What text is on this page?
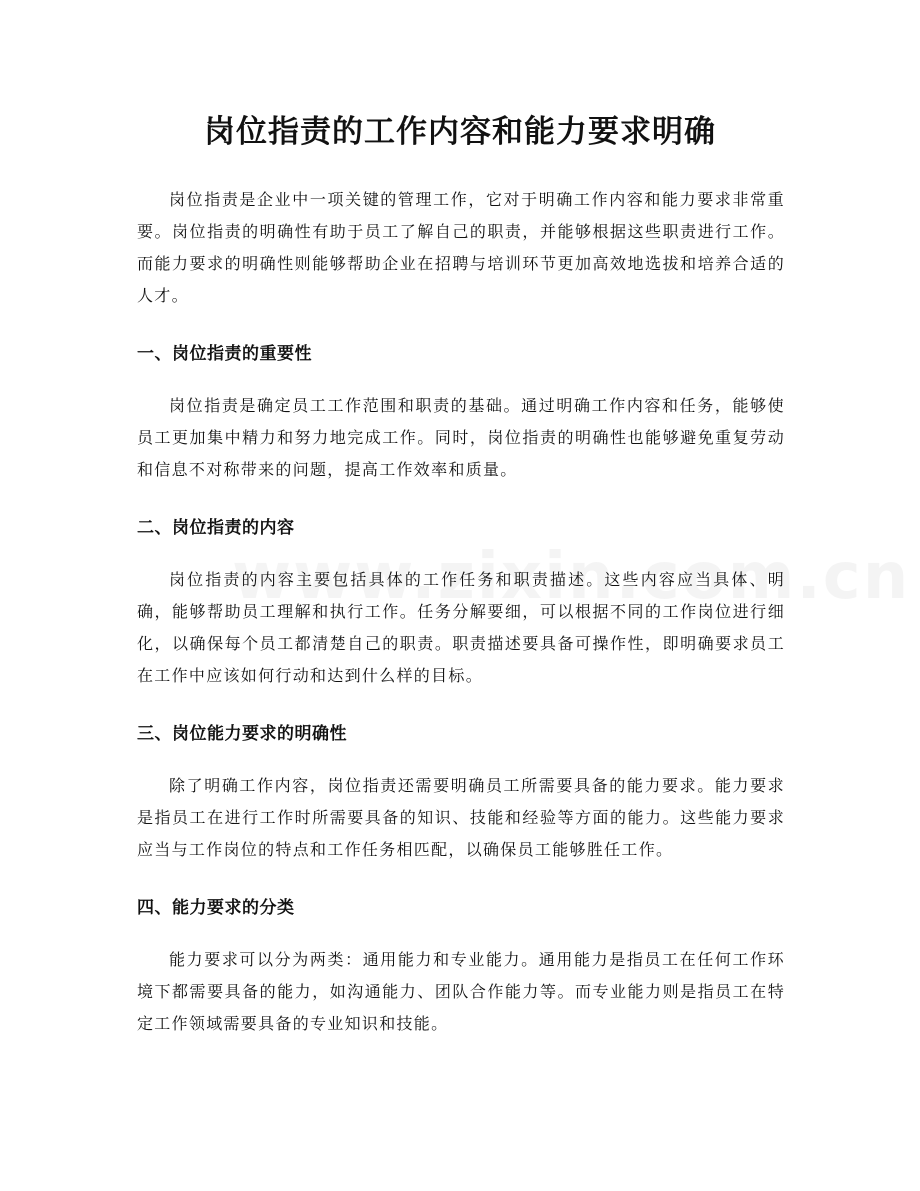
岗位指责的工作内容和能力要求明确

岗位指责是企业中一项关键的管理工作，它对于明确工作内容和能力要求非常重要。岗位指责的明确性有助于员工了解自己的职责，并能够根据这些职责进行工作。而能力要求的明确性则能够帮助企业在招聘与培训环节更加高效地选拔和培养合适的人才。

一、岗位指责的重要性

岗位指责是确定员工工作范围和职责的基础。通过明确工作内容和任务，能够使员工更加集中精力和努力地完成工作。同时，岗位指责的明确性也能够避免重复劳动和信息不对称带来的问题，提高工作效率和质量。

二、岗位指责的内容

岗位指责的内容主要包括具体的工作任务和职责描述。这些内容应当具体、明确，能够帮助员工理解和执行工作。任务分解要细，可以根据不同的工作岗位进行细化，以确保每个员工都清楚自己的职责。职责描述要具备可操作性，即明确要求员工在工作中应该如何行动和达到什么样的目标。

三、岗位能力要求的明确性

除了明确工作内容，岗位指责还需要明确员工所需要具备的能力要求。能力要求是指员工在进行工作时所需要具备的知识、技能和经验等方面的能力。这些能力要求应当与工作岗位的特点和工作任务相匹配，以确保员工能够胜任工作。

四、能力要求的分类

能力要求可以分为两类：通用能力和专业能力。通用能力是指员工在任何工作环境下都需要具备的能力，如沟通能力、团队合作能力等。而专业能力则是指员工在特定工作领域需要具备的专业知识和技能。
